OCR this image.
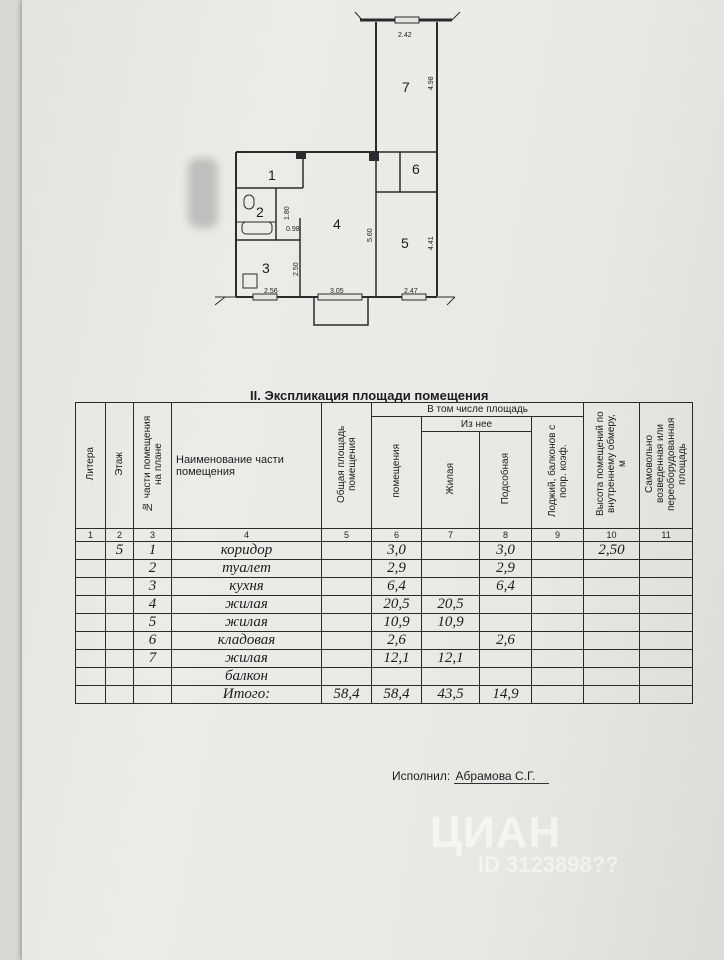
7
1
2
4
5
6
3
2.42
4.98
1.80
0.98	5.60
4.41
2.50
2.56	3.05	2.47
II. Экспликация площади помещения
Литера	Этаж	№ части помещения на плане	Наименование части помещения	Общая площадь помещения	В том числе площадь				Высота помещений по внутреннему обмеру, м	Самовольно возведенная или переоборудованная площадь
					помещения	Из нее		Лоджий, балконов с попр. коэф.		
						Жилая	Подсобная			
1	2	3	4	5	6	7	8	9	10	11
	5	1	коридор		3,0		3,0		2,50	
		2	туалет		2,9		2,9			
		3	кухня		6,4		6,4			
		4	жилая		20,5	20,5				
		5	жилая		10,9	10,9				
		6	кладовая		2,6		2,6			
		7	жилая		12,1	12,1				
			балкон							
			Итого:	58,4	58,4	43,5	14,9			
Исполнил: Абрамова С.Г.
ЦИАН
ID 3123898??
